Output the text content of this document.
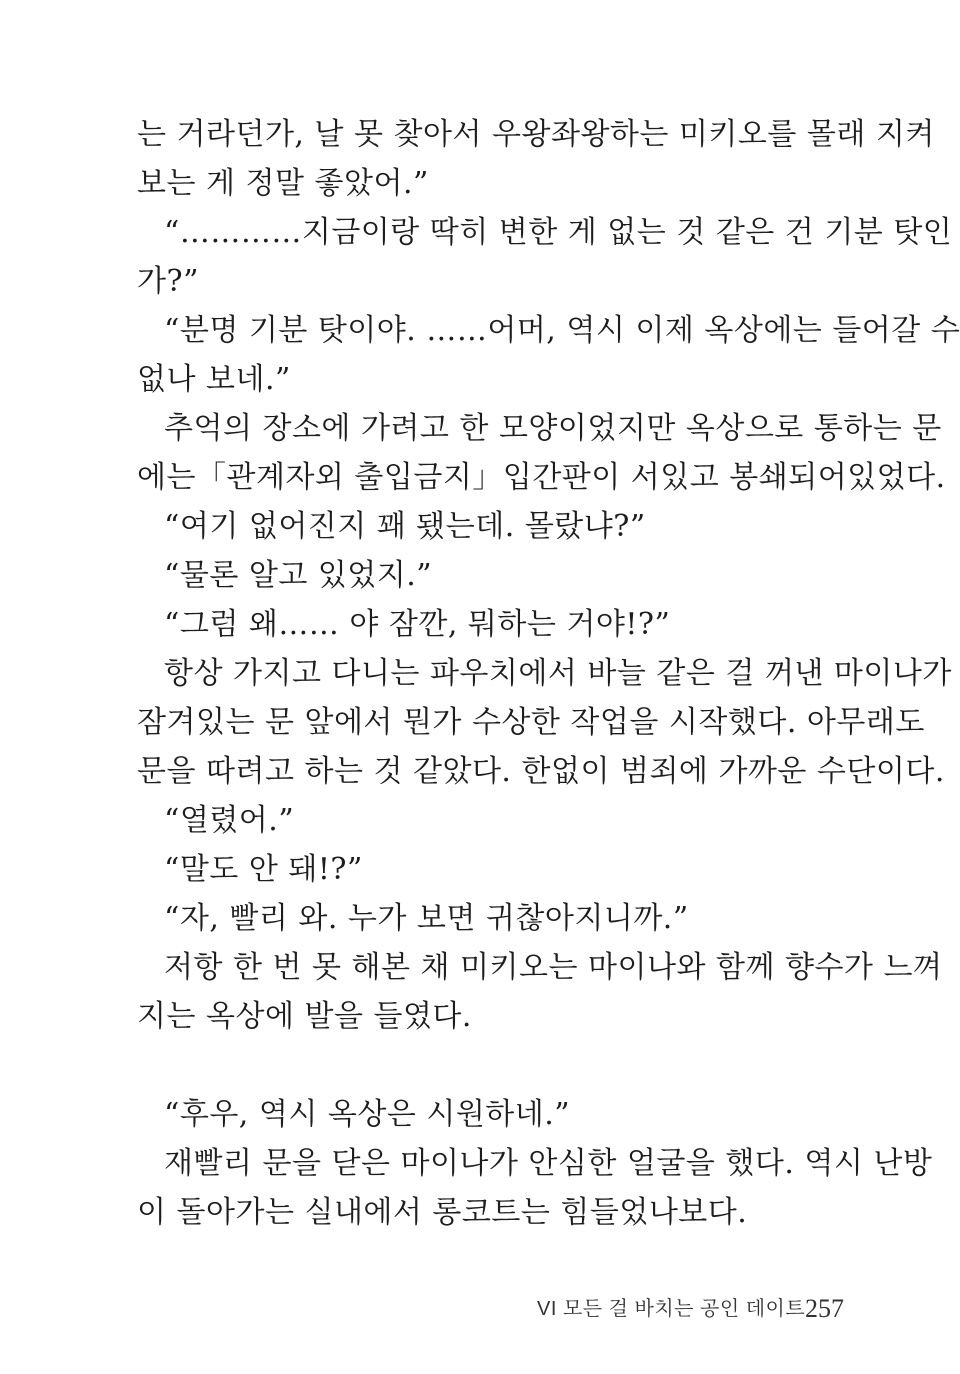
는 거라던가, 날 못 찾아서 우왕좌왕하는 미키오를 몰래 지켜
보는 게 정말 좋았어.”
“…………지금이랑 딱히 변한 게 없는 것 같은 건 기분 탓인
가?”
“분명 기분 탓이야. ……어머, 역시 이제 옥상에는 들어갈 수
없나 보네.”
추억의 장소에 가려고 한 모양이었지만 옥상으로 통하는 문
에는「관계자외 출입금지」입간판이 서있고 봉쇄되어있었다.
“여기 없어진지 꽤 됐는데. 몰랐냐?”
“물론 알고 있었지.”
“그럼 왜…… 야 잠깐, 뭐하는 거야!?”
항상 가지고 다니는 파우치에서 바늘 같은 걸 꺼낸 마이나가
잠겨있는 문 앞에서 뭔가 수상한 작업을 시작했다. 아무래도
문을 따려고 하는 것 같았다. 한없이 범죄에 가까운 수단이다.
“열렸어.”
“말도 안 돼!?”
“자, 빨리 와. 누가 보면 귀찮아지니까.”
저항 한 번 못 해본 채 미키오는 마이나와 함께 향수가 느껴
지는 옥상에 발을 들였다.
“후우, 역시 옥상은 시원하네.”
재빨리 문을 닫은 마이나가 안심한 얼굴을 했다. 역시 난방
이 돌아가는 실내에서 롱코트는 힘들었나보다.
VI 모든 걸 바치는 공인 데이트 257
